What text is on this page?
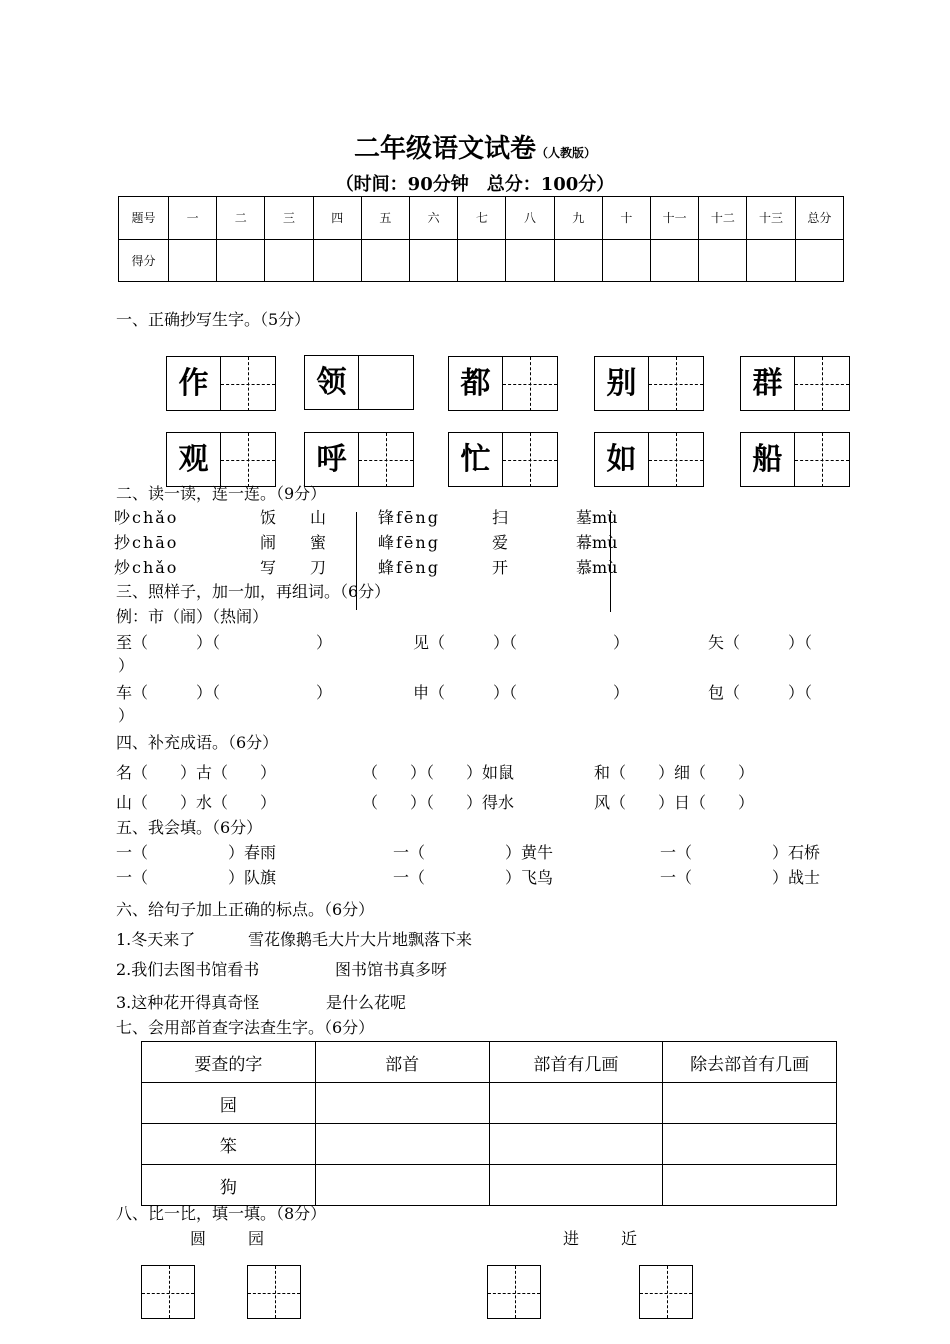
二年级语文试卷（人教版）
（时间：90分钟　总分：100分）
题号	一	二	三	四	五	六	七	八	九	十	十一	十二	十三	总分
得分														
一、正确抄写生字。（5分）
作	领	都	别	群
观	呼	忙	如	船
二、读一读，连一连。（9分）
吵chǎo	饭 山	锋fēng	扫	墓mù
抄chāo	闹 蜜	峰fēng	爱	幕mù
炒chǎo	写 刀	蜂fēng	开	慕mù
三、照样子，加一加，再组词。（6分）
例：市（闹）（热闹）
至（　　　）（　　　　　　）	见（　　　）（　　　　　　）	矢（　　　）（
）
车（　　　）（　　　　　　）	申（　　　）（　　　　　　）	包（　　　）（
）
四、补充成语。（6分）
名（　　）古（　　）	（　　）（　　）如鼠	和（　　）细（　　）
山（　　）水（　　）	（　　）（　　）得水	风（　　）日（　　）
五、我会填。（6分）
一（　　　　　）春雨	一（　　　　　）黄牛	一（　　　　　）石桥
一（　　　　　）队旗	一（　　　　　）飞鸟	一（　　　　　）战士
六、给句子加上正确的标点。（6分）
1.冬天来了	雪花像鹅毛大片大片地飘落下来
2.我们去图书馆看书	图书馆书真多呀
3.这种花开得真奇怪	是什么花呢
七、会用部首查字法查生字。（6分）
要查的字	部首	部首有几画	除去部首有几画
园			
笨			
狗			
八、比一比，填一填。（8分）
圆	园	进	近
